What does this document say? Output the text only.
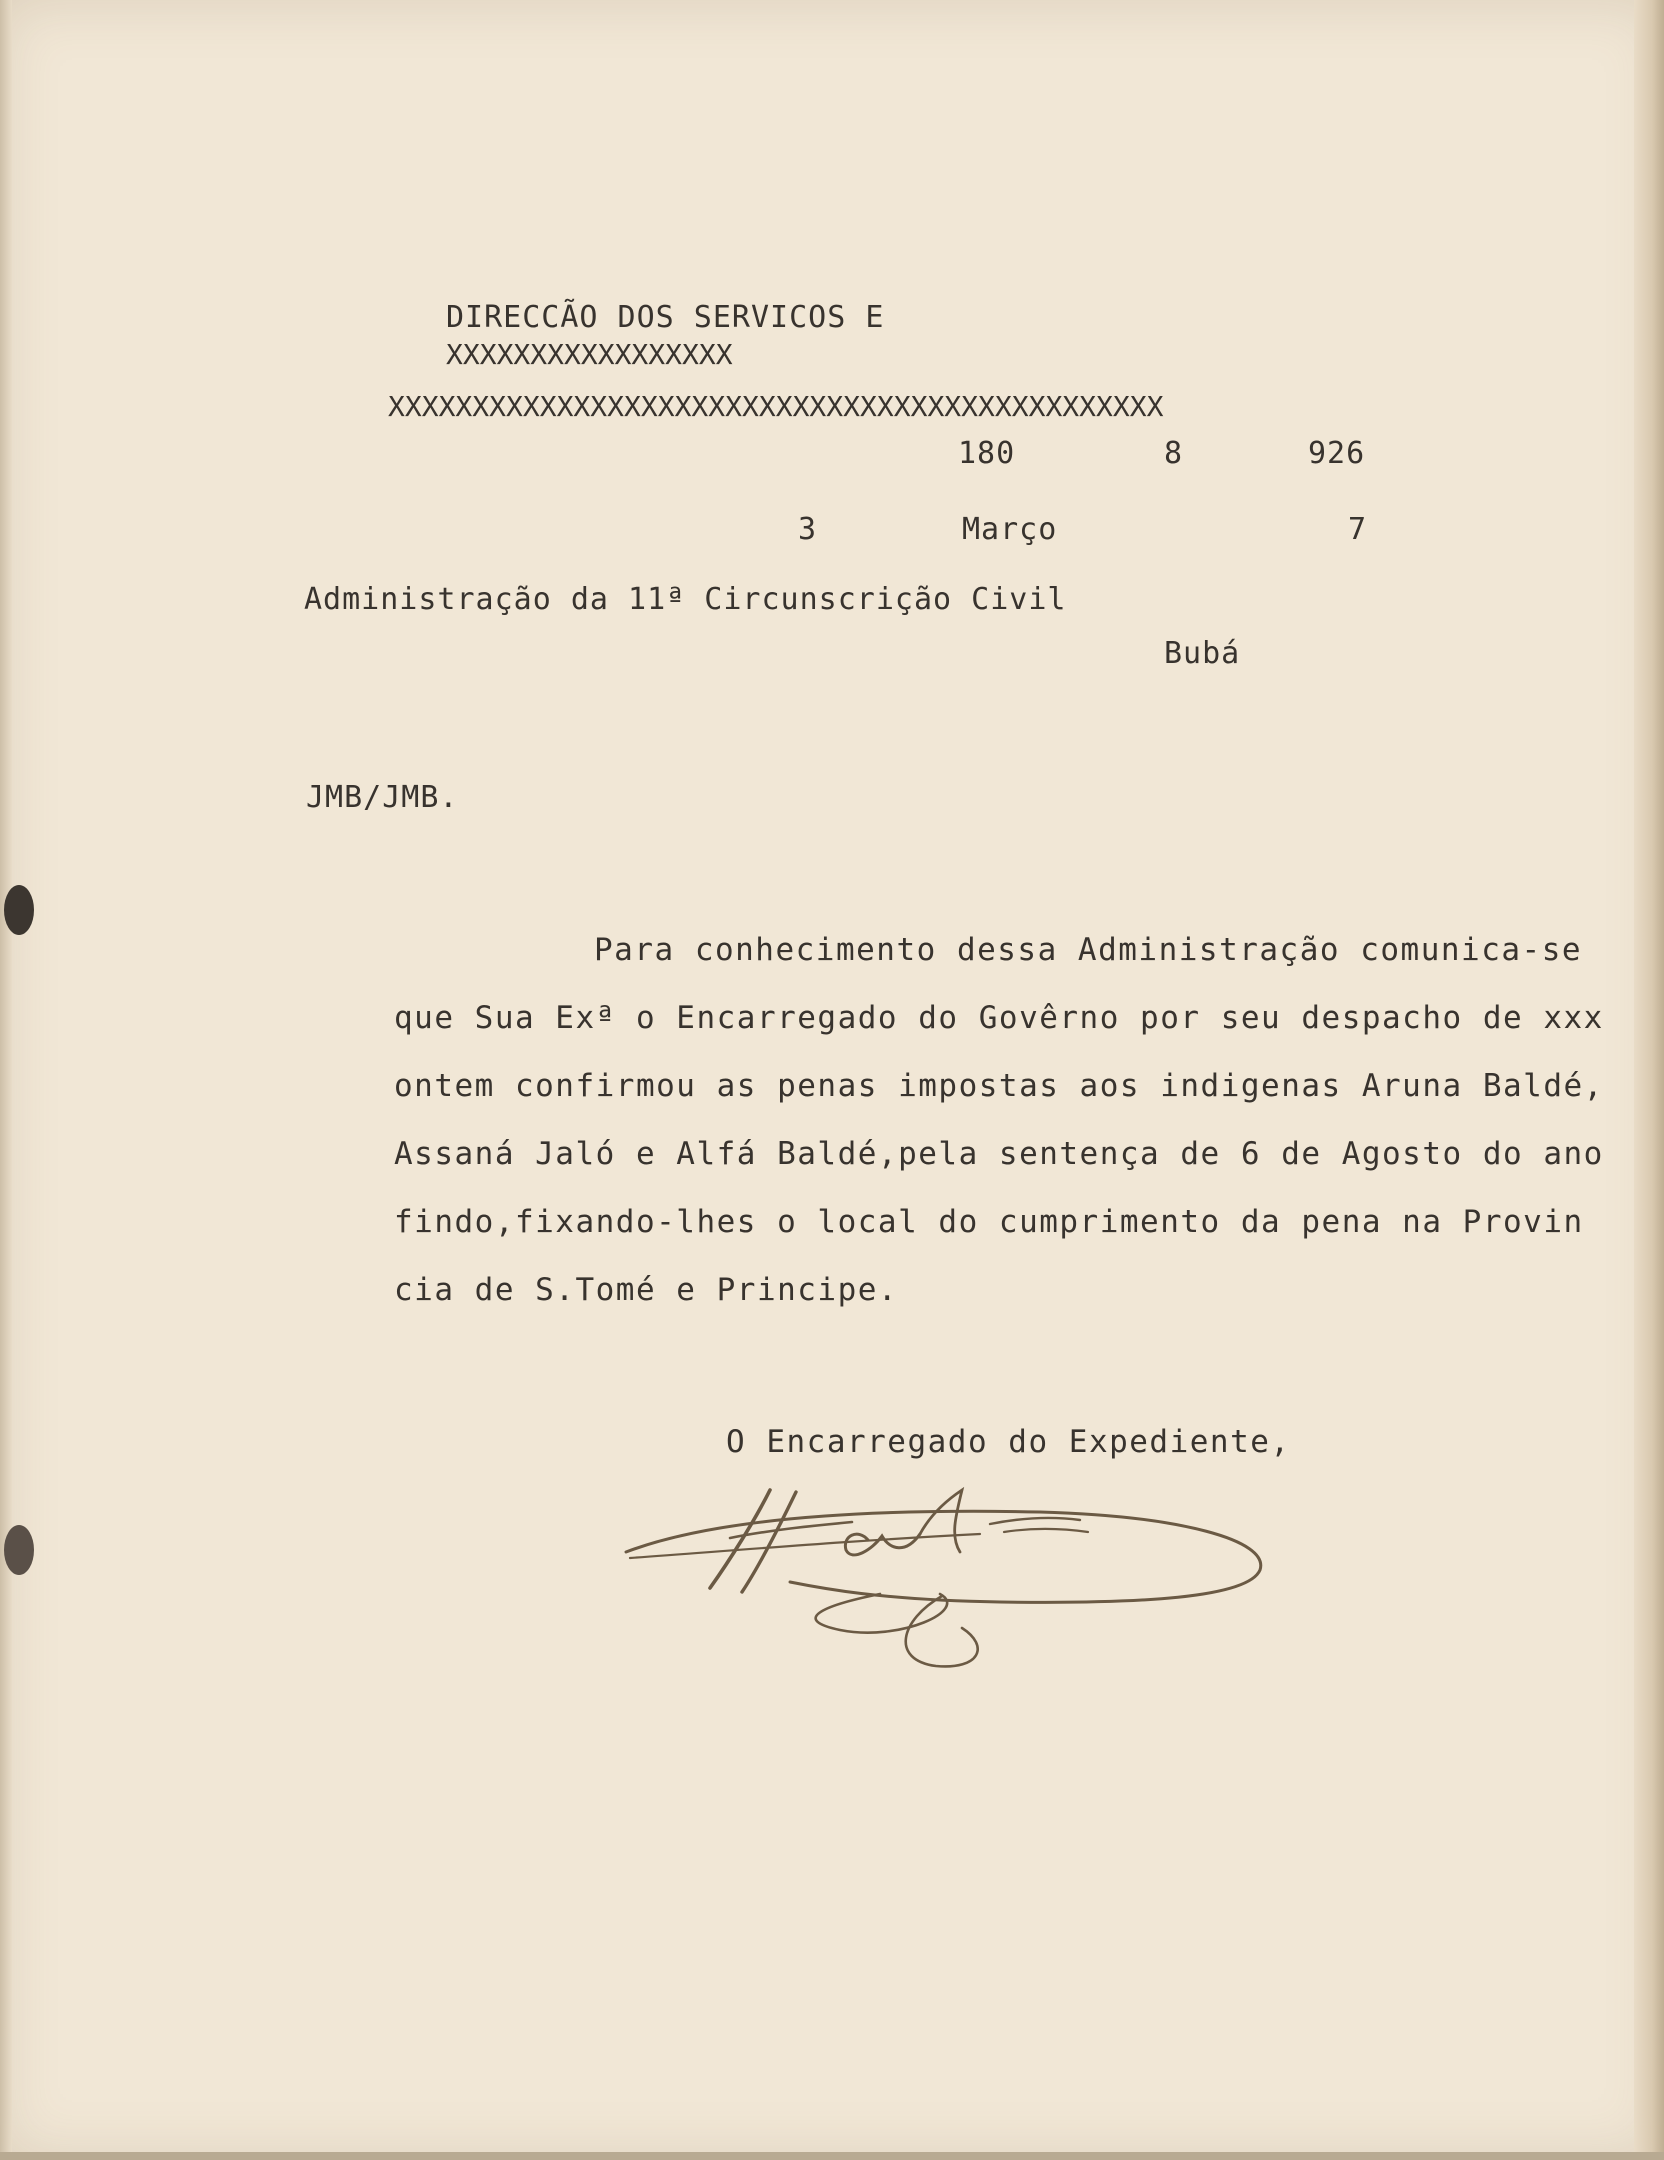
DIRECCÃO DOS SERVICOS E
XXXXXXXXXXXXXXXXX
XXXXXXXXXXXXXXXXXXXXXXXXXXXXXXXXXXXXXXXXXXXXXX
180	8	926
3	Março	7
Administração da 11ª Circunscrição Civil
Bubá
JMB/JMB.
Para conhecimento dessa Administração comunica-se
que Sua Exª o Encarregado do Govêrno por seu despacho de xxx
ontem confirmou as penas impostas aos indigenas Aruna Baldé,
Assaná Jaló e Alfá Baldé,pela sentença de 6 de Agosto do ano
findo,fixando-lhes o local do cumprimento da pena na Provin
cia de S.Tomé e Principe.
O Encarregado do Expediente,
